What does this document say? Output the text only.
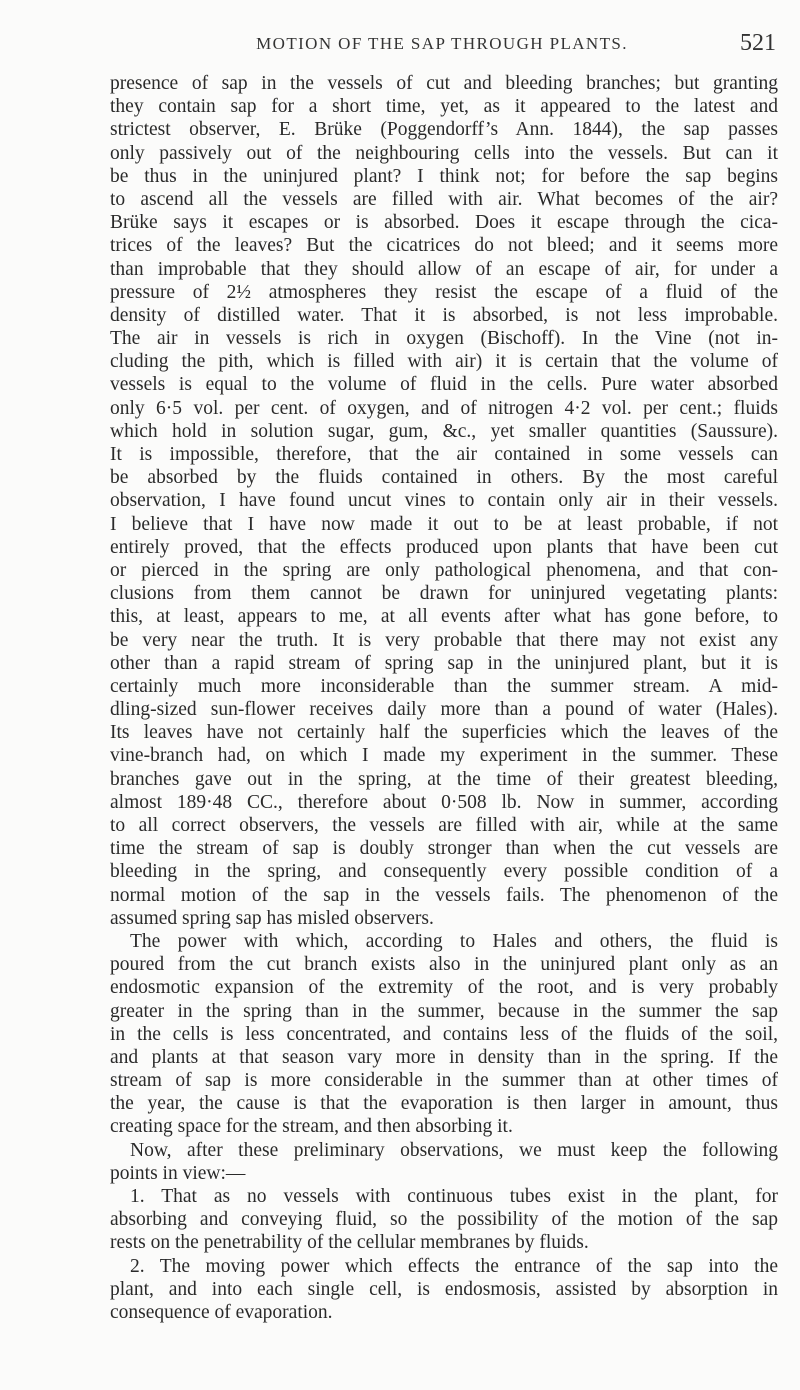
MOTION OF THE SAP THROUGH PLANTS.	521
presence of sap in the vessels of cut and bleeding branches; but granting
they contain sap for a short time, yet, as it appeared to the latest and
strictest observer, E. Brüke (Poggendorff’s Ann. 1844), the sap passes
only passively out of the neighbouring cells into the vessels. But can it
be thus in the uninjured plant? I think not; for before the sap begins
to ascend all the vessels are filled with air. What becomes of the air?
Brüke says it escapes or is absorbed. Does it escape through the cica-
trices of the leaves? But the cicatrices do not bleed; and it seems more
than improbable that they should allow of an escape of air, for under a
pressure of 2½ atmospheres they resist the escape of a fluid of the
density of distilled water. That it is absorbed, is not less improbable.
The air in vessels is rich in oxygen (Bischoff). In the Vine (not in-
cluding the pith, which is filled with air) it is certain that the volume of
vessels is equal to the volume of fluid in the cells. Pure water absorbed
only 6·5 vol. per cent. of oxygen, and of nitrogen 4·2 vol. per cent.; fluids
which hold in solution sugar, gum, &c., yet smaller quantities (Saussure).
It is impossible, therefore, that the air contained in some vessels can
be absorbed by the fluids contained in others. By the most careful
observation, I have found uncut vines to contain only air in their vessels.
I believe that I have now made it out to be at least probable, if not
entirely proved, that the effects produced upon plants that have been cut
or pierced in the spring are only pathological phenomena, and that con-
clusions from them cannot be drawn for uninjured vegetating plants:
this, at least, appears to me, at all events after what has gone before, to
be very near the truth. It is very probable that there may not exist any
other than a rapid stream of spring sap in the uninjured plant, but it is
certainly much more inconsiderable than the summer stream. A mid-
dling-sized sun-flower receives daily more than a pound of water (Hales).
Its leaves have not certainly half the superficies which the leaves of the
vine-branch had, on which I made my experiment in the summer. These
branches gave out in the spring, at the time of their greatest bleeding,
almost 189·48 CC., therefore about 0·508 lb. Now in summer, according
to all correct observers, the vessels are filled with air, while at the same
time the stream of sap is doubly stronger than when the cut vessels are
bleeding in the spring, and consequently every possible condition of a
normal motion of the sap in the vessels fails. The phenomenon of the
assumed spring sap has misled observers.
The power with which, according to Hales and others, the fluid is
poured from the cut branch exists also in the uninjured plant only as an
endosmotic expansion of the extremity of the root, and is very probably
greater in the spring than in the summer, because in the summer the sap
in the cells is less concentrated, and contains less of the fluids of the soil,
and plants at that season vary more in density than in the spring. If the
stream of sap is more considerable in the summer than at other times of
the year, the cause is that the evaporation is then larger in amount, thus
creating space for the stream, and then absorbing it.
Now, after these preliminary observations, we must keep the following
points in view:—
1. That as no vessels with continuous tubes exist in the plant, for
absorbing and conveying fluid, so the possibility of the motion of the sap
rests on the penetrability of the cellular membranes by fluids.
2. The moving power which effects the entrance of the sap into the
plant, and into each single cell, is endosmosis, assisted by absorption in
consequence of evaporation.
